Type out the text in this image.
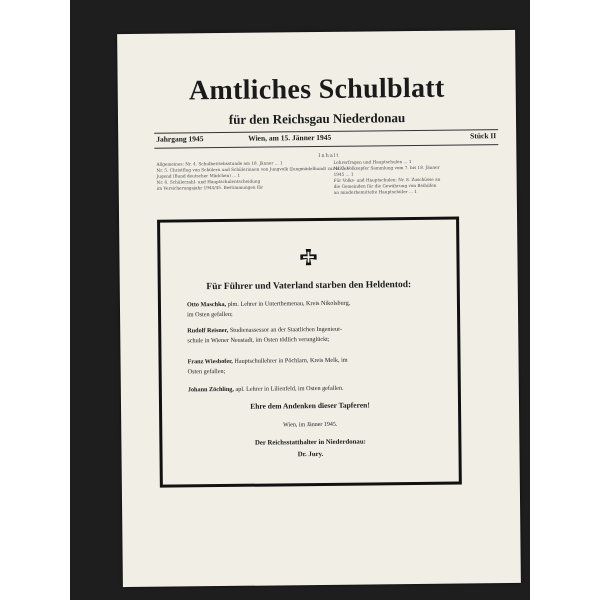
Amtliches Schulblatt
für den Reichsgau Niederdonau
Jahrgang 1945	Wien, am 15. Jänner 1945	Stück II
Inhalt
Allgemeines: Nr. 4. Schulbetriebsstunde am 18. Jänner ... 1
Nr. 5. Christflug von Schülern und Schülerinnen von Jungvolk (Jungmädelbund) zur Hitler-
Jugend (Bund deutscher Mädchen) ... 1
Nr. 6. Schülerzahl- und Hauptschulentscheidung
im Versicherungsjahr 1944/45. Bestimmungen für
Lehrerfragen und Hauptschulen ... 1
Nr. 7. Volksopfer Sammlung vom 7. bis 18. Jänner
1945 ... 1
Für Volks- und Hauptschulen: Nr. 8. Zuschüsse an
die Gemeinden für die Gewährung von Beihilfen
an minderbemittelte Hauptschüler ... 1
Für Führer und Vaterland starben den Heldentod:
Otto Maschka, plm. Lehrer in Unterthemenau, Kreis Nikolsburg,
im Osten gefallen;
Rudolf Reisner, Studienassessor an der Staatlichen Ingenieur-
schule in Wiener Neustadt, im Osten tödlich verunglückt;
Franz Wiesbofer, Hauptschullehrer in Pöchlarn, Kreis Melk, im
Osten gefallen;
Johann Zöchling, apl. Lehrer in Lilienfeld, im Osten gefallen.
Ehre dem Andenken dieser Tapferen!
Wien, im Jänner 1945.
Der Reichsstatthalter in Niederdonau:
Dr. Jury.
